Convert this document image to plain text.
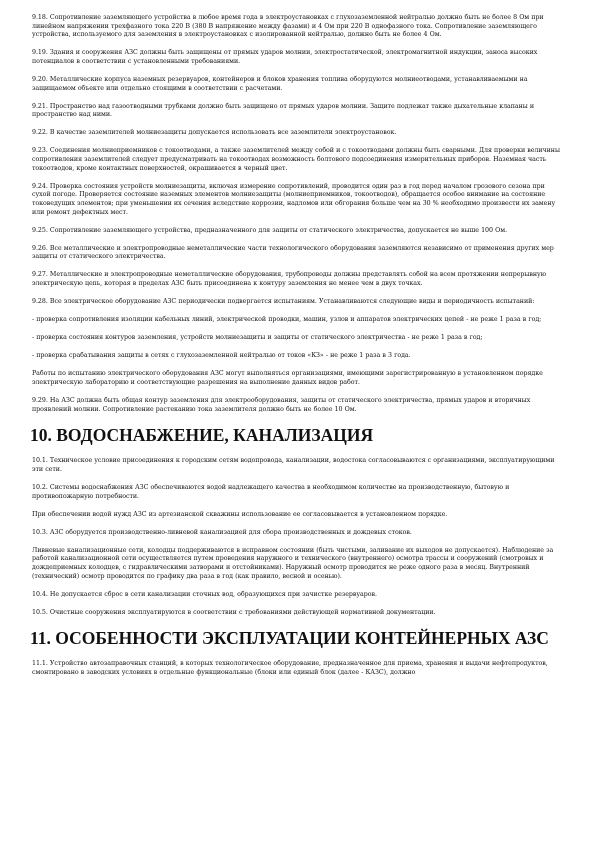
9.18. Сопротивление заземляющего устройства в любое время года в электроустановках с глухозаземленной нейтралью должно быть не более 8 Ом при линейном напряжении трехфазного тока 220 В (380 В напряжение между фазами) и 4 Ом при 220 В однофазного тока. Сопротивление заземляющего устройства, используемого для заземления в электроустановках с изолированной нейтралью, должно быть не более 4 Ом.

9.19. Здания и сооружения АЗС должны быть защищены от прямых ударов молнии, электростатической, электромагнитной индукции, заноса высоких потенциалов в соответствии с установленными требованиями.

9.20. Металлические корпуса наземных резервуаров, контейнеров и блоков хранения топлива оборудуются молниеотводами, устанавливаемыми на защищаемом объекте или отдельно стоящими в соответствии с расчетами.

9.21. Пространство над газоотводными трубками должно быть защищено от прямых ударов молнии. Защите подлежат также дыхательные клапаны и пространство над ними.

9.22. В качестве заземлителей молниезащиты допускается использовать все заземлители электроустановок.

9.23. Соединения молниеприемников с токоотводами, а также заземлителей между собой и с токоотводами должны быть сварными. Для проверки величины сопротивления заземлителей следует предусматривать на токоотводах возможность болтового подсоединения измерительных приборов. Наземная часть токоотводов, кроме контактных поверхностей, окрашивается в черный цвет.

9.24. Проверка состояния устройств молниезащиты, включая измерение сопротивлений, проводится один раз в год перед началом грозового сезона при сухой погоде. Проверяется состояние наземных элементов молниезащиты (молниеприемников, токоотводов), обращается особое внимание на состояние токоведущих элементов; при уменьшении их сечения вследствие коррозии, надломов или обгорания больше чем на 30 % необходимо произвести их замену или ремонт дефектных мест.

9.25. Сопротивление заземляющего устройства, предназначенного для защиты от статического электричества, допускается не выше 100 Ом.

9.26. Все металлические и электропроводные неметаллические части технологического оборудования заземляются независимо от применения других мер защиты от статического электричества.

9.27. Металлические и электропроводные неметаллические оборудования, трубопроводы должны представлять собой на всем протяжении непрерывную электрическую цепь, которая в пределах АЗС быть присоединена к контуру заземления не менее чем в двух точках.

9.28. Все электрическое оборудование АЗС периодически подвергается испытаниям. Устанавливаются следующие виды и периодичность испытаний:

- проверка сопротивления изоляции кабельных линий, электрической проводки, машин, узлов и аппаратов электрических цепей - не реже 1 раза в год;

- проверка состояния контуров заземления, устройств молниезащиты и защиты от статического электричества - не реже 1 раза в год;

- проверка срабатывания защиты в сетях с глухозаземленной нейтралью от токов «КЗ» - не реже 1 раза в 3 года.

Работы по испытанию электрического оборудования АЗС могут выполняться организациями, имеющими зарегистрированную в установленном порядке электрическую лабораторию и соответствующие разрешения на выполнение данных видов работ.

9.29. На АЗС должна быть общая контур заземления для электрооборудования, защиты от статического электричества, прямых ударов и вторичных проявлений молнии. Сопротивление растеканию тока заземлителя должно быть не более 10 Ом.

10. ВОДОСНАБЖЕНИЕ, КАНАЛИЗАЦИЯ

10.1. Техническое условие присоединения к городским сетям водопровода, канализации, водостока согласовываются с организациями, эксплуатирующими эти сети.

10.2. Системы водоснабжения АЗС обеспечиваются водой надлежащего качества в необходимом количестве на производственную, бытовую и противопожарную потребности.

При обеспечении водой нужд АЗС из артезианской скважины использование ее согласовывается в установленном порядке.

10.3. АЗС оборудуется производственно-ливневой канализацией для сбора производственных и дождевых стоков.

Ливневые канализационные сети, колодцы поддерживаются в исправном состоянии (быть чистыми, заливание их выходов не допускается). Наблюдение за работой канализационной сети осуществляется путем проведения наружного и технического (внутреннего) осмотра трассы и сооружений (смотровых и дождеприемных колодцев, с гидравлическими затворами и отстойниками). Наружный осмотр проводится не реже одного раза в месяц. Внутренний (технический) осмотр проводится по графику два раза в год (как правило, весной и осенью).

10.4. Не допускается сброс в сети канализации сточных вод, образующихся при зачистке резервуаров.

10.5. Очистные сооружения эксплуатируются в соответствии с требованиями действующей нормативной документации.

11. ОСОБЕННОСТИ ЭКСПЛУАТАЦИИ КОНТЕЙНЕРНЫХ АЗС

11.1. Устройство автозаправочных станций, в которых технологическое оборудование, предназначенное для приема, хранения и выдачи нефтепродуктов, смонтировано в заводских условиях в отдельные функциональные (блоки или единый блок (далее - КАЗС), должно
